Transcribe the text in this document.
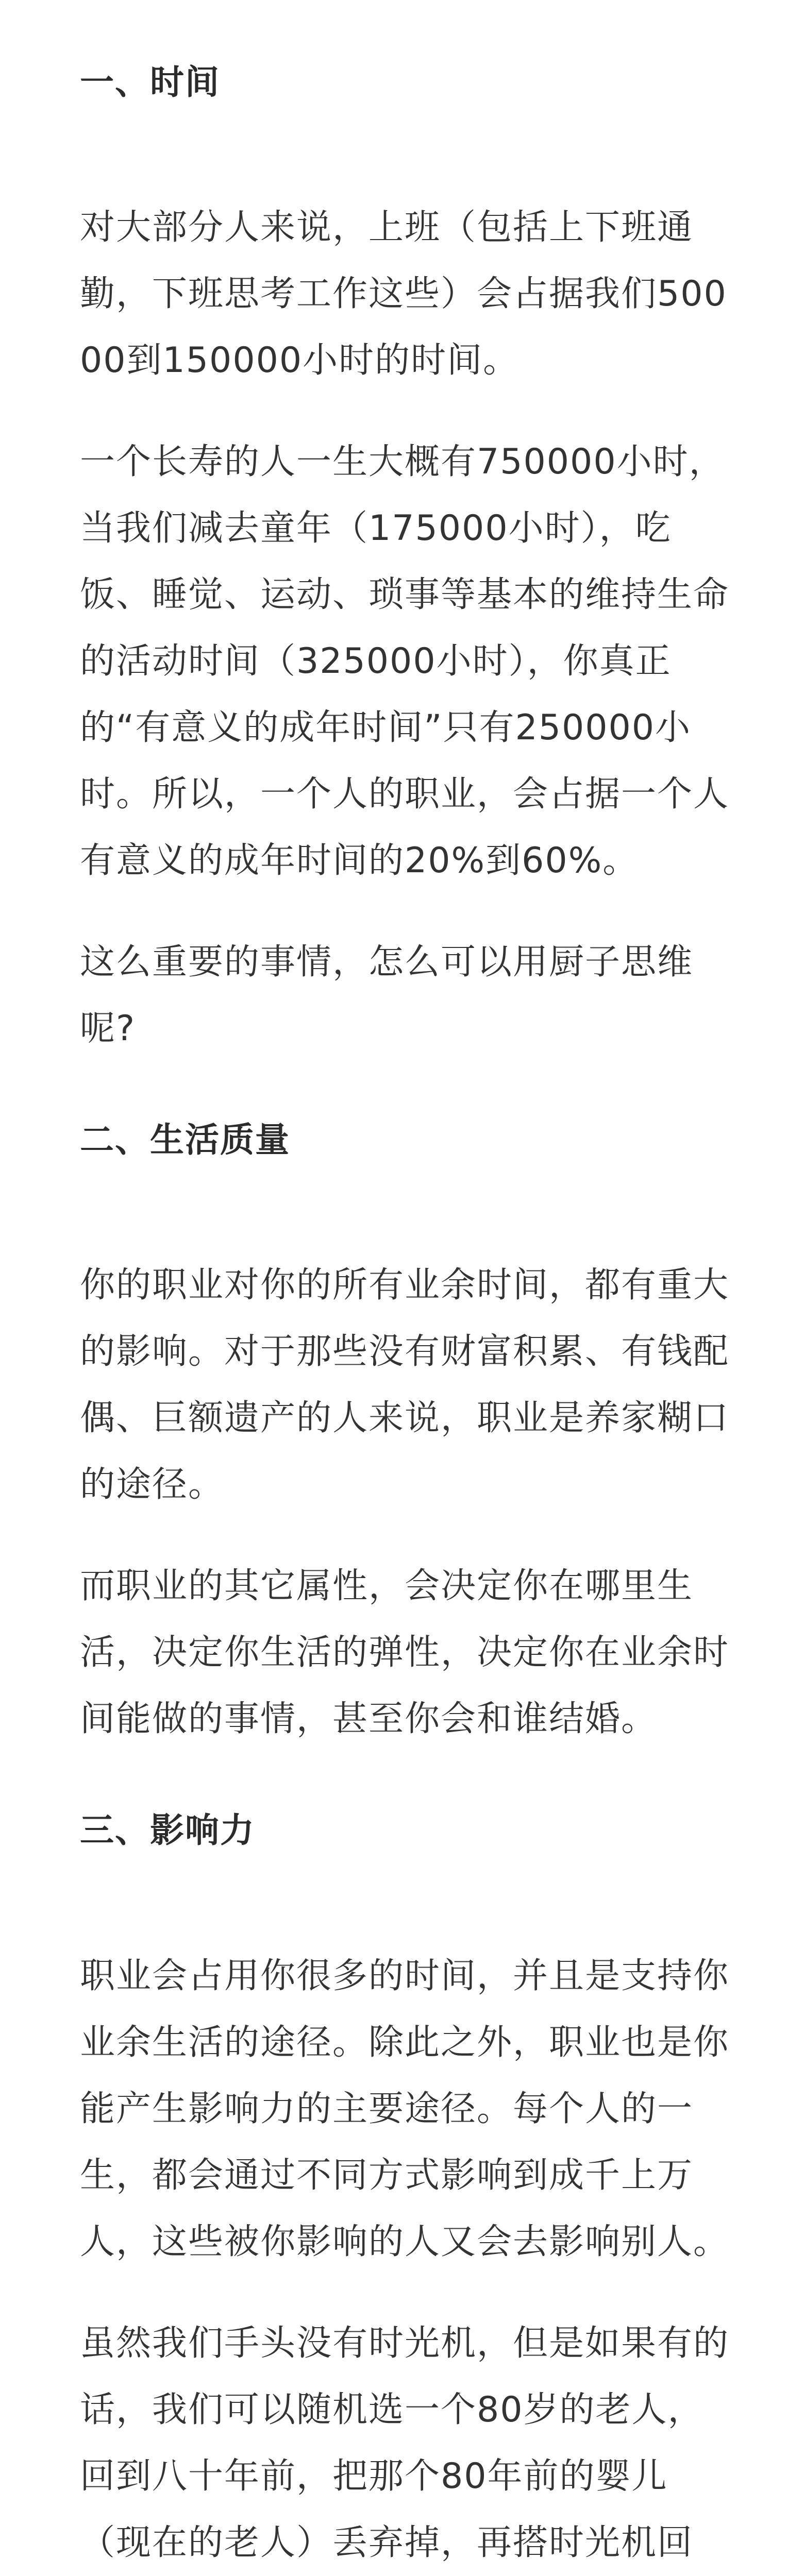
一、时间

对大部分人来说，上班（包括上下班通勤，下班思考工作这些）会占据我们50000到150000小时的时间。

一个长寿的人一生大概有750000小时，当我们减去童年（175000小时），吃饭、睡觉、运动、琐事等基本的维持生命的活动时间（325000小时），你真正的“有意义的成年时间”只有250000小时。所以，一个人的职业，会占据一个人有意义的成年时间的20%到60%。

这么重要的事情，怎么可以用厨子思维呢?

二、生活质量

你的职业对你的所有业余时间，都有重大的影响。对于那些没有财富积累、有钱配偶、巨额遗产的人来说，职业是养家糊口的途径。

而职业的其它属性，会决定你在哪里生活，决定你生活的弹性，决定你在业余时间能做的事情，甚至你会和谁结婚。

三、影响力

职业会占用你很多的时间，并且是支持你业余生活的途径。除此之外，职业也是你能产生影响力的主要途径。每个人的一生，都会通过不同方式影响到成千上万人，这些被你影响的人又会去影响别人。

虽然我们手头没有时光机，但是如果有的话，我们可以随机选一个80岁的老人，回到八十年前，把那个80年前的婴儿（现在的老人）丢弃掉，再搭时光机回
